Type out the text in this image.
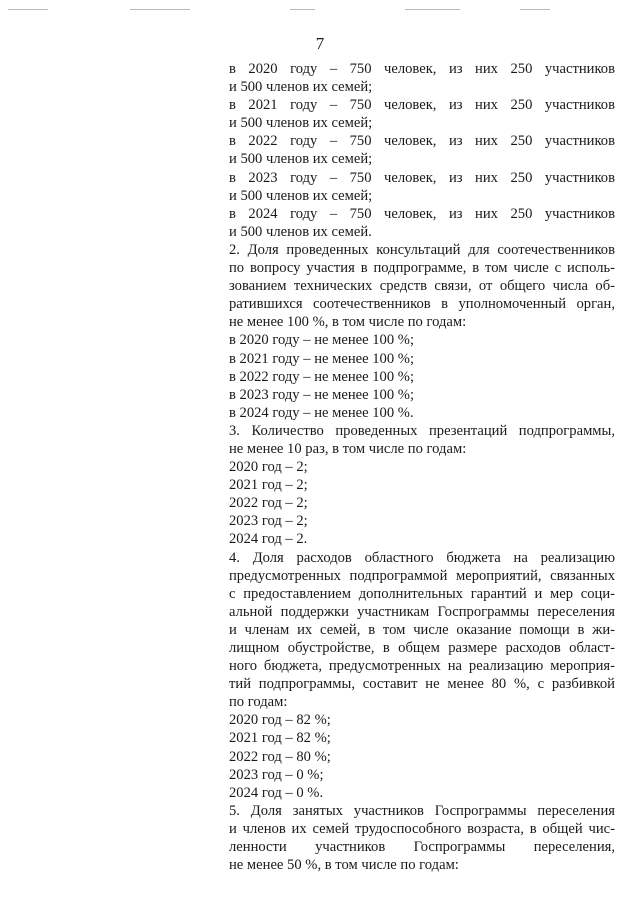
7
в 2020 году – 750 человек, из них 250 участников
и 500 членов их семей;
в 2021 году – 750 человек, из них 250 участников
и 500 членов их семей;
в 2022 году – 750 человек, из них 250 участников
и 500 членов их семей;
в 2023 году – 750 человек, из них 250 участников
и 500 членов их семей;
в 2024 году – 750 человек, из них 250 участников
и 500 членов их семей.
2. Доля проведенных консультаций для соотечественников
по вопросу участия в подпрограмме, в том числе с исполь-
зованием технических средств связи, от общего числа об-
ратившихся соотечественников в уполномоченный орган,
не менее 100 %, в том числе по годам:
в 2020 году – не менее 100 %;
в 2021 году – не менее 100 %;
в 2022 году – не менее 100 %;
в 2023 году – не менее 100 %;
в 2024 году – не менее 100 %.
3. Количество проведенных презентаций подпрограммы,
не менее 10 раз, в том числе по годам:
2020 год – 2;
2021 год – 2;
2022 год – 2;
2023 год – 2;
2024 год – 2.
4. Доля расходов областного бюджета на реализацию
предусмотренных подпрограммой мероприятий, связанных
с предоставлением дополнительных гарантий и мер соци-
альной поддержки участникам Госпрограммы переселения
и членам их семей, в том числе оказание помощи в жи-
лищном обустройстве, в общем размере расходов област-
ного бюджета, предусмотренных на реализацию мероприя-
тий подпрограммы, составит не менее 80 %, с разбивкой
по годам:
2020 год – 82 %;
2021 год – 82 %;
2022 год – 80 %;
2023 год – 0 %;
2024 год – 0 %.
5. Доля занятых участников Госпрограммы переселения
и членов их семей трудоспособного возраста, в общей чис-
ленности участников Госпрограммы переселения,
не менее 50 %, в том числе по годам:
